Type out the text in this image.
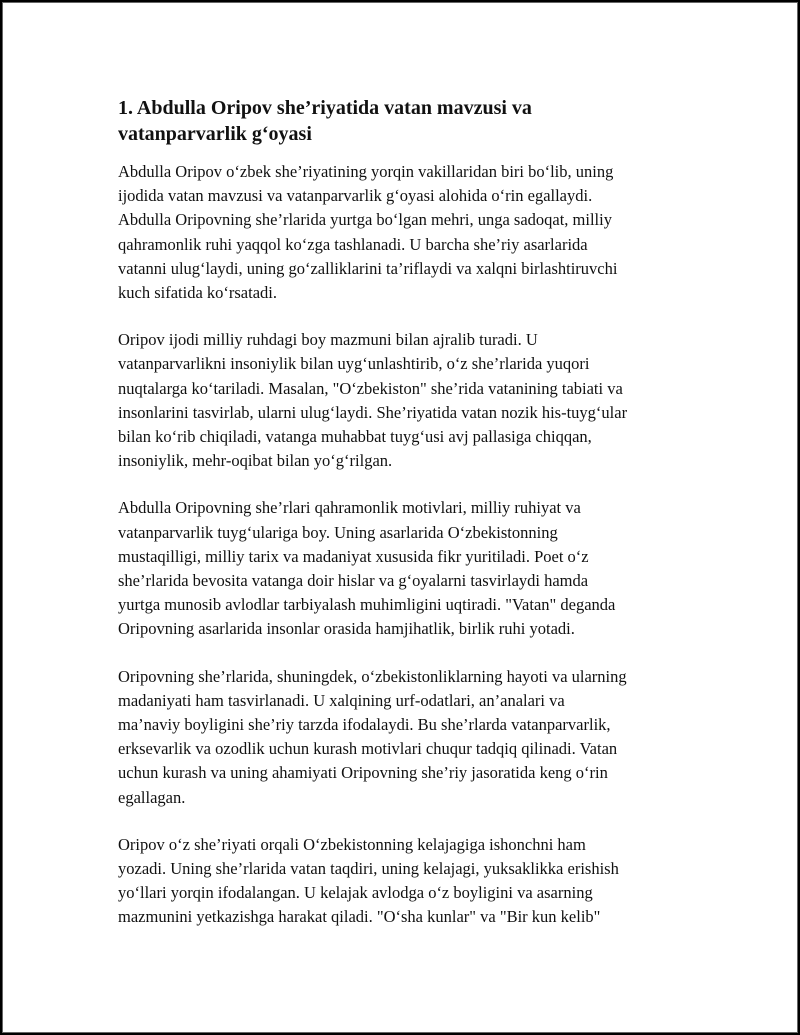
1. Abdulla Oripov she’riyatida vatan mavzusi va
vatanparvarlik g‘oyasi

Abdulla Oripov o‘zbek she’riyatining yorqin vakillaridan biri bo‘lib, uning
ijodida vatan mavzusi va vatanparvarlik g‘oyasi alohida o‘rin egallaydi.
Abdulla Oripovning she’rlarida yurtga bo‘lgan mehri, unga sadoqat, milliy
qahramonlik ruhi yaqqol ko‘zga tashlanadi. U barcha she’riy asarlarida
vatanni ulug‘laydi, uning go‘zalliklarini ta’riflaydi va xalqni birlashtiruvchi
kuch sifatida ko‘rsatadi.

Oripov ijodi milliy ruhdagi boy mazmuni bilan ajralib turadi. U
vatanparvarlikni insoniylik bilan uyg‘unlashtirib, o‘z she’rlarida yuqori
nuqtalarga ko‘tariladi. Masalan, "O‘zbekiston" she’rida vatanining tabiati va
insonlarini tasvirlab, ularni ulug‘laydi. She’riyatida vatan nozik his-tuyg‘ular
bilan ko‘rib chiqiladi, vatanga muhabbat tuyg‘usi avj pallasiga chiqqan,
insoniylik, mehr-oqibat bilan yo‘g‘rilgan.

Abdulla Oripovning she’rlari qahramonlik motivlari, milliy ruhiyat va
vatanparvarlik tuyg‘ulariga boy. Uning asarlarida O‘zbekistonning
mustaqilligi, milliy tarix va madaniyat xususida fikr yuritiladi. Poet o‘z
she’rlarida bevosita vatanga doir hislar va g‘oyalarni tasvirlaydi hamda
yurtga munosib avlodlar tarbiyalash muhimligini uqtiradi. "Vatan" deganda
Oripovning asarlarida insonlar orasida hamjihatlik, birlik ruhi yotadi.

Oripovning she’rlarida, shuningdek, o‘zbekistonliklarning hayoti va ularning
madaniyati ham tasvirlanadi. U xalqining urf-odatlari, an’analari va
ma’naviy boyligini she’riy tarzda ifodalaydi. Bu she’rlarda vatanparvarlik,
erksevarlik va ozodlik uchun kurash motivlari chuqur tadqiq qilinadi. Vatan
uchun kurash va uning ahamiyati Oripovning she’riy jasoratida keng o‘rin
egallagan.

Oripov o‘z she’riyati orqali O‘zbekistonning kelajagiga ishonchni ham
yozadi. Uning she’rlarida vatan taqdiri, uning kelajagi, yuksaklikka erishish
yo‘llari yorqin ifodalangan. U kelajak avlodga o‘z boyligini va asarning
mazmunini yetkazishga harakat qiladi. "O‘sha kunlar" va "Bir kun kelib"
